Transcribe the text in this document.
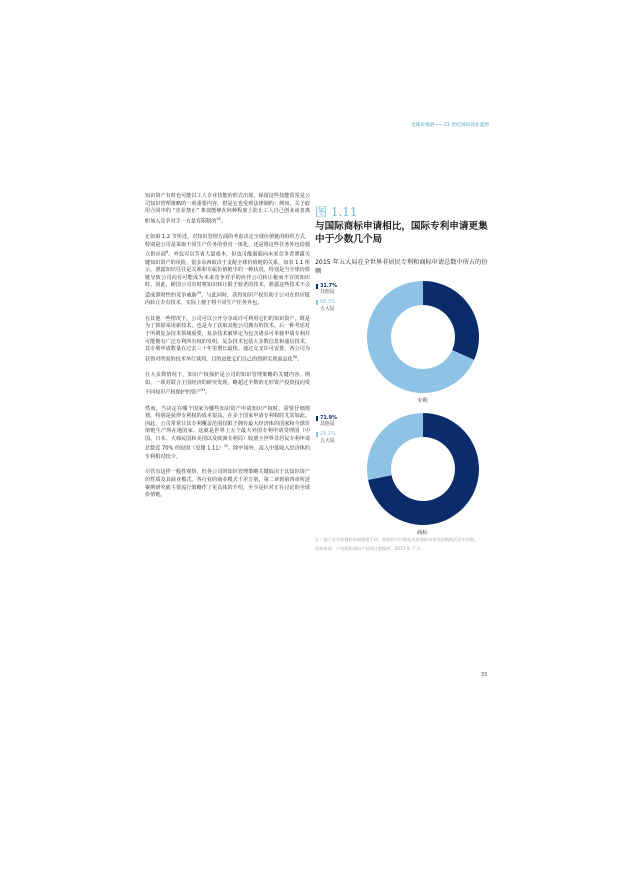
全球价值链——21 世纪国际商业蓝图

知识资产有时也可能以工人专业技能的形式出现。保留这些技能常常是公司知识管理策略的一项重要内容。但是它也受到法律制约：例如，关于雇用合同中的 “竞业禁止” 条款能够在何种程度上防止工人自己创业或者离职加入竞争对手一方是有限制的$^{28}$。

正如第 1.2 节所述，对知识管理方面的考虑决定全球价值链的组织方式，特别是公司是采取不同生产任务的垂直一体化，还是将这些任务外包给独立供应商$^6$。外包可以节省大量成本，但也可能面临向未来竞争者泄露关键知识资产的风险。很多东西取决于支配全球价值链的关系，如表 1.1 所示。泄露知识往往是关系和专属价值链中的一种状况，特别是当全球价值链导致公司向有可能成为未来竞争对手的伙伴公司转让秘而不宣的知识时。因此，跨国公司有时将知识转让限于较老的技术，泄露这些技术不会造成即时性的竞争威胁$^{29}$。与此同时，获得知识产权有助于公司在供应链内转让专有技术，实际上便于将不同生产任务外包。

在其他一些情况下，公司可以公开分享或许可利用它们的知识资产，既是为了鼓励采用新技术，也是为了获取其他公司拥有的技术。后一种考虑对于所谓复杂技术领域重要，复杂技术被界定为包含诸多可单独申请专利并可能拥有广泛专利所有权的发明。复杂技术包括大多数信息和通信技术，其专利申请数量在过去三十年里增长最快。通过交叉许可安排，各公司为获得对所需的技术举行谈判，目的是使它们自己的创新实现商品化$^{30}$。

在大多数情况下，知识产权保护是公司的知识管理策略的关键内容。例如，一项对联合王国经济的研究发现，略超过半数的无形资产投资投向受不同知识产权保护的资产$^{31}$。

然而，当决定在哪个国家为哪些知识资产申请知识产权时，需要仔细规划，特别是获得专利权的成本很高。在多个国家申请专利权时尤其如此。因此，公司常常让其专利覆盖范围仅限于拥有最大经济体的国家和全球价值链生产所在地国家。这就是世界上五个最大外国专利申请受理国（中国、日本、大韩民国和美国以及欧洲专利局）收到全世界非居民专利申请总数近 70% 的原因（见图 1.11）$^{32}$。除中国外，流入中低收入经济体的专利相对较少。

尽管有这样一般性观察，但各公司的知识管理策略关键取决于其知识资产的性质及其商业模式。各行业的商业模式千差万别，第二章到第四章所述案例研究就主要流行策略作了更具体的介绍，至少是针对正在讨论的全球价值链。

图 1.11
与国际商标申请相比，国际专利申请更集中于少数几个局
2015 年五大局在全世界非居民专利和商标申请总数中所占的份额
31.7%
其他局
68.3%
五大局
专利
71.9%
其他局
28.1%
五大局
商标

注：鉴于全世界商标申请制度不同，商标的可比数据采用商标申请类别数据而非申请数。

资料来源：产权组织知识产权统计数据库，2017 年 7 月。

33
